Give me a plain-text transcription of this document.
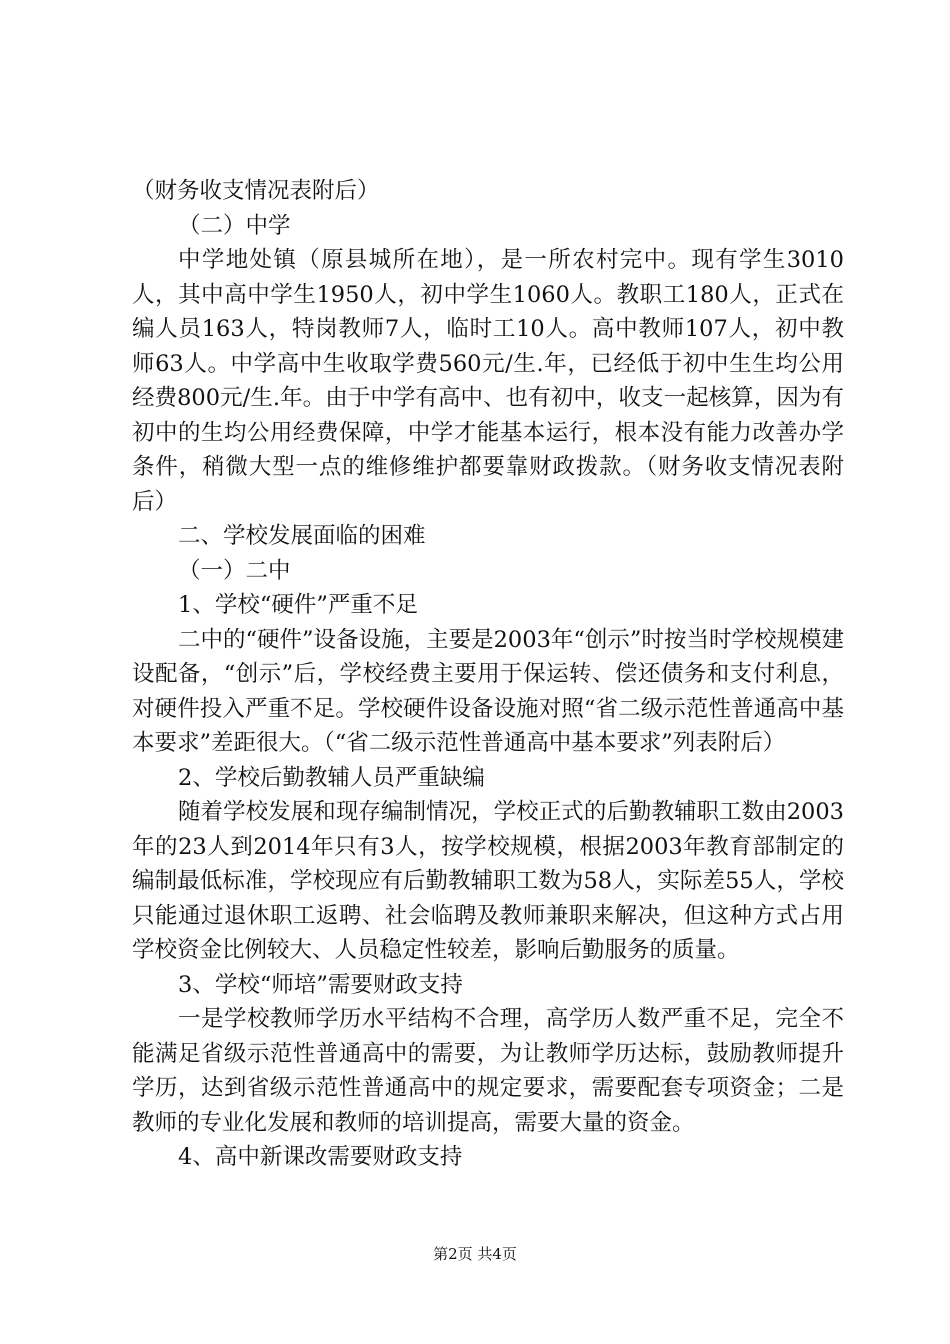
（财务收支情况表附后）

（二）中学

中学地处镇（原县城所在地），是一所农村完中。现有学生3010人，其中高中学生1950人，初中学生1060人。教职工180人，正式在编人员163人，特岗教师7人，临时工10人。高中教师107人，初中教师63人。中学高中生收取学费560元/生.年，已经低于初中生生均公用经费800元/生.年。由于中学有高中、也有初中，收支一起核算，因为有初中的生均公用经费保障，中学才能基本运行，根本没有能力改善办学条件，稍微大型一点的维修维护都要靠财政拨款。（财务收支情况表附后）

二、学校发展面临的困难

（一）二中

1、学校“硬件”严重不足

二中的“硬件”设备设施，主要是2003年“创示”时按当时学校规模建设配备，“创示”后，学校经费主要用于保运转、偿还债务和支付利息，对硬件投入严重不足。学校硬件设备设施对照“省二级示范性普通高中基本要求”差距很大。（“省二级示范性普通高中基本要求”列表附后）

2、学校后勤教辅人员严重缺编

随着学校发展和现存编制情况，学校正式的后勤教辅职工数由2003年的23人到2014年只有3人，按学校规模，根据2003年教育部制定的编制最低标准，学校现应有后勤教辅职工数为58人，实际差55人，学校只能通过退休职工返聘、社会临聘及教师兼职来解决，但这种方式占用学校资金比例较大、人员稳定性较差，影响后勤服务的质量。

3、学校“师培”需要财政支持

一是学校教师学历水平结构不合理，高学历人数严重不足，完全不能满足省级示范性普通高中的需要，为让教师学历达标，鼓励教师提升学历，达到省级示范性普通高中的规定要求，需要配套专项资金；二是教师的专业化发展和教师的培训提高，需要大量的资金。

4、高中新课改需要财政支持

第2页 共4页
